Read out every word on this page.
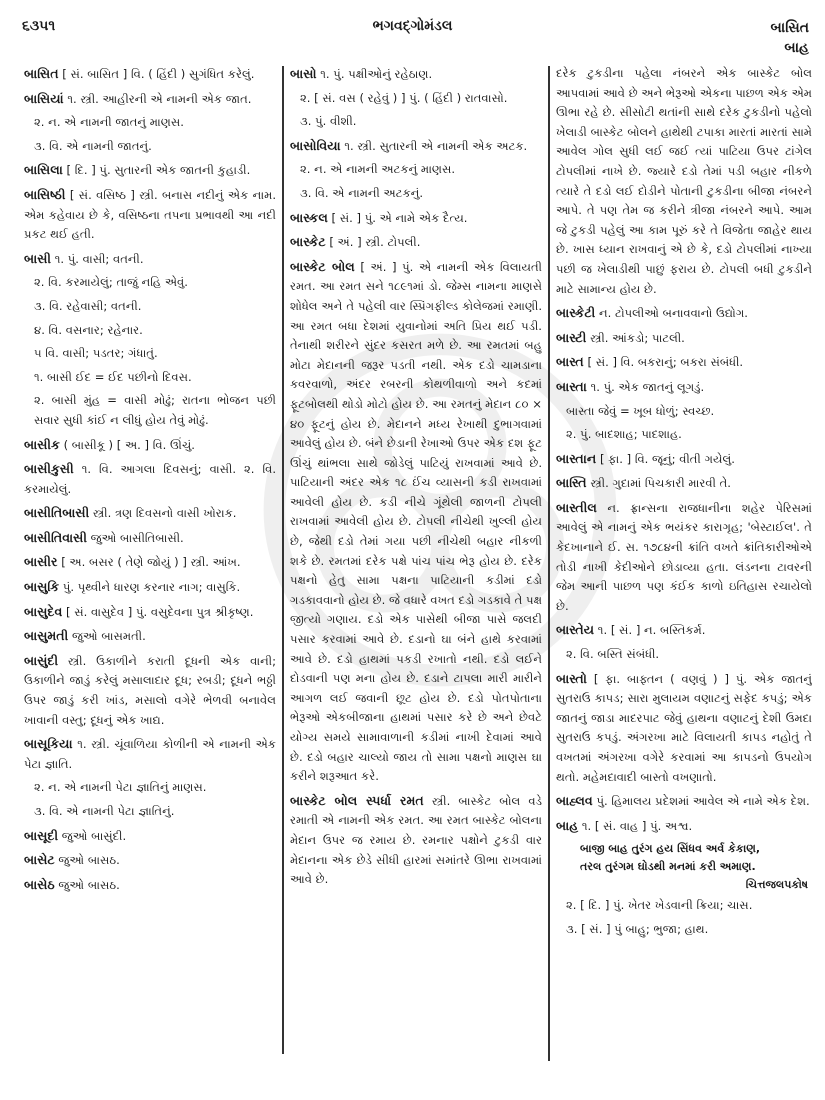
૬૩૫૧	ભગવદ્ગોમંડલ	બાસિત
બાહ
બાસિત [ સં. બાસિત ] વિ. ( હિંદી ) સુગંધિત કરેલું.
બાસિયાં ૧. સ્ત્રી. આહીરની એ નામની એક જાત.
૨. ન. એ નામની જાતનું માણસ.
૩. વિ. એ નામની જાતનું.
બાસિલા [ દિ. ] પું. સુતારની એક જાતની કુહાડી.
બાસિષ્ઠી [ સં. વસિષ્ઠ ] સ્ત્રી. બનાસ નદીનું એક નામ. એમ કહેવાય છે કે, વસિષ્ઠના તપના પ્રભાવથી આ નદી પ્રકટ થઈ હતી.
બાસી ૧. પું. વાસી; વતની.
૨. વિ. કરમાયેલું; તાજું નહિ એવું.
૩. વિ. રહેવાસી; વતની.
૪. વિ. વસનાર; રહેનાર.
૫ વિ. વાસી; પડતર; ગંધાતું.
૧. બાસી ઈદ = ઈદ પછીનો દિવસ.
૨. બાસી મુંહ = વાસી મોઢું; રાતના ભોજન પછી સવાર સુધી કાંઈ ન લીધું હોય તેવું મોઢું.
બાસીક ( બાસીકૂ ) [ અ. ] વિ. ઊંચું.
બાસીકુસી ૧. વિ. આગલા દિવસનું; વાસી. ૨. વિ. કરમાયેલું.
બાસીતિબાસી સ્ત્રી. ત્રણ દિવસનો વાસી ખોરાક.
બાસીતિવાસી જુઓ બાસીતિબાસી.
બાસીર [ અ. બસર ( તેણે જોયું ) ] સ્ત્રી. આંખ.
બાસુકિ પું. પૃથ્વીને ધારણ કરનાર નાગ; વાસુકિ.
બાસુદેવ [ સં. વાસુદેવ ] પું. વસુદેવના પુત્ર શ્રીકૃષ્ણ.
બાસુમતી જુઓ બાસમતી.
બાસુંદી સ્ત્રી. ઉકાળીને કરાતી દૂધની એક વાની; ઉકાળીને જાડું કરેલું મસાલાદાર દૂધ; રબડી; દૂધને ભઠ્ઠી ઉપર જાડું કરી ખાંડ, મસાલો વગેરે ભેળવી બનાવેલ ખાવાની વસ્તુ; દૂધનું એક ખાદ્ય.
બાસૂકિયા ૧. સ્ત્રી. ચૂંવાળિયા કોળીની એ નામની એક પેટા જ્ઞાતિ.
૨. ન. એ નામની પેટા જ્ઞાતિનું માણસ.
૩. વિ. એ નામની પેટા જ્ઞાતિનું.
બાસૂદી જુઓ બાસુંદી.
બાસેટ જુઓ બાસઠ.
બાસેઠ જુઓ બાસઠ.
બાસો ૧. પું. પક્ષીઓનું રહેઠાણ.
૨. [ સં. વસ ( રહેવું ) ] પું. ( હિંદી ) રાતવાસો.
૩. પું. વીશી.
બાસોવિયા ૧. સ્ત્રી. સુતારની એ નામની એક અટક.
૨. ન. એ નામની અટકનું માણસ.
૩. વિ. એ નામની અટકનું.
બાસ્કલ [ સં. ] પું. એ નામે એક દૈત્ય.
બાસ્કેટ [ અં. ] સ્ત્રી. ટોપલી.
બાસ્કેટ બોલ [ અં. ] પું. એ નામની એક વિલાયતી રમત. આ રમત સને ૧૮૯૧માં ડો. જેમ્સ નામના માણસે શોધેલ અને તે પહેલી વાર સ્પ્રિંગફીલ્ડ કોલેજમાં રમાણી. આ રમત બધા દેશમાં યુવાનોમાં અતિ પ્રિય થઈ પડી. તેનાથી શરીરને સુંદર કસરત મળે છે. આ રમતમાં બહુ મોટા મેદાનની જરૂર પડતી નથી. એક દડો ચામડાના કવરવાળો, અંદર રબરની કોથળીવાળો અને કદમાં ફૂટબોલથી થોડો મોટો હોય છે. આ રમતનું મેદાન ૮૦ × ૪૦ ફૂટનું હોય છે. મેદાનને મધ્ય રેખાથી દુભાગવામાં આવેલું હોય છે. બંને છેડાની રેખાઓ ઉપર એક દશ ફૂટ ઊંચું થાંભલા સાથે જોડેલું પાટિયું રાખવામાં આવે છે. પાટિયાની અંદર એક ૧૮ ઈંચ વ્યાસની કડી રાખવામાં આવેલી હોય છે. કડી નીચે ગૂંથેલી જાળની ટોપલી રાખવામાં આવેલી હોય છે. ટોપલી નીચેથી ખુલ્લી હોય છે, જેથી દડો તેમાં ગયા પછી નીચેથી બહાર નીકળી શકે છે. રમતમાં દરેક પક્ષે પાંચ પાંચ ભેરૂ હોય છે. દરેક પક્ષનો હેતુ સામા પક્ષના પાટિયાની કડીમાં દડો ગડકાવવાનો હોય છે. જે વધારે વખત દડો ગડકાવે તે પક્ષ જીત્યો ગણાય. દડો એક પાસેથી બીજા પાસે જલદી પસાર કરવામાં આવે છે. દડાનો ઘા બંને હાથે કરવામાં આવે છે. દડો હાથમાં પકડી રખાતો નથી. દડો લઈને દોડવાની પણ મના હોય છે. દડાને ટાપલા મારી મારીને આગળ લઈ જવાની છૂટ હોય છે. દડો પોતપોતાના ભેરૂઓ એકબીજાના હાથમાં પસાર કરે છે અને છેવટે યોગ્ય સમયે સામાવાળાની કડીમાં નાખી દેવામાં આવે છે. દડો બહાર ચાલ્યો જાય તો સામા પક્ષનો માણસ ઘા કરીને શરૂઆત કરે.
બાસ્કેટ બોલ સ્પર્ધા રમત સ્ત્રી. બાસ્કેટ બોલ વડે રમાતી એ નામની એક રમત. આ રમત બાસ્કેટ બોલના મેદાન ઉપર જ રમાય છે. રમનાર પક્ષોને ટુકડી વાર મેદાનના એક છેડે સીધી હારમાં સમાંતરે ઊભા રાખવામાં આવે છે.
દરેક ટુકડીના પહેલા નંબરને એક બાસ્કેટ બોલ આપવામાં આવે છે અને ભેરૂઓ એકના પાછળ એક એમ ઊભા રહે છે. સીસોટી થતાંની સાથે દરેક ટુકડીનો પહેલો ખેલાડી બાસ્કેટ બોલને હાથેથી ટપાકા મારતાં મારતાં સામે આવેલ ગોલ સુધી લઈ જઈ ત્યાં પાટિયા ઉપર ટાંગેલ ટોપલીમાં નાખે છે. જ્યારે દડો તેમાં પડી બહાર નીકળે ત્યારે તે દડો લઈ દોડીને પોતાની ટુકડીના બીજા નંબરને આપે. તે પણ તેમ જ કરીને ત્રીજા નંબરને આપે. આમ જે ટુકડી પહેલું આ કામ પૂરું કરે તે વિજેતા જાહેર થાય છે. ખાસ ધ્યાન રાખવાનું એ છે કે, દડો ટોપલીમાં નાખ્યા પછી જ ખેલાડીથી પાછું ફરાય છે. ટોપલી બધી ટુકડીને માટે સામાન્ય હોય છે.
બાસ્કેટી ન. ટોપલીઓ બનાવવાનો ઉદ્યોગ.
બાસ્ટી સ્ત્રી. આંકડો; પાટલી.
બાસ્ત [ સં. ] વિ. બકરાનું; બકરા સંબંધી.
બાસ્તા ૧. પું. એક જાતનું લૂગડું.
બાસ્તા જેવું = ખૂબ ધોળું; સ્વચ્છ.
૨. પું. બાદશાહ; પાદશાહ.
બાસ્તાન [ ફા. ] વિ. જૂનું; વીતી ગયેલું.
બાસ્તિ સ્ત્રી. ગુદામાં પિચકારી મારવી તે.
બાસ્તીલ ન. ફ્રાન્સના રાજધાનીના શહેર પેરિસમાં આવેલું એ નામનું એક ભયંકર કારાગૃહ; 'બેસ્ટાઈલ'. તે કેદખાનાને ઈ. સ. ૧૭૮૪ની ક્રાંતિ વખતે ક્રાંતિકારીઓએ તોડી નાખી કેદીઓને છોડાવ્યા હતા. લંડનના ટાવરની જેમ આની પાછળ પણ કંઈક કાળો ઇતિહાસ રચાયેલો છે.
બાસ્તેય ૧. [ સં. ] ન. બસ્તિકર્મ.
૨. વિ. બસ્તિ સંબંધી.
બાસ્તો [ ફા. બાફ્તન ( વણવું ) ] પું. એક જાતનું સુતરાઉ કાપડ; સારા મુલાયમ વણાટનું સફેદ કપડું; એક જાતનું જાડા માદરપાટ જેવું હાથના વણાટનું દેશી ઉમદા સુતરાઉ કપડું. અંગરખા માટે વિલાયતી કાપડ નહોતું તે વખતમાં અંગરખા વગેરે કરવામાં આ કાપડનો ઉપયોગ થતો. મહેમદાવાદી બાસ્તો વખણાતો.
બાહ્લવ પું. હિમાલય પ્રદેશમાં આવેલ એ નામે એક દેશ.
બાહ ૧. [ સં. વાહ ] પું. અશ્વ.
બાજી બાહ તુરંગ હય સિંધવ અર્વ કેકાણ,
તરલ તુરંગમ ઘોડથી મનમાં કરી અમાણ.
ચિત્તજલપકોષ
૨. [ દિ. ] પું. ખેતર ખેડવાની ક્રિયા; ચાસ.
૩. [ સં. ] પું બાહુ; ભુજા; હાથ.
